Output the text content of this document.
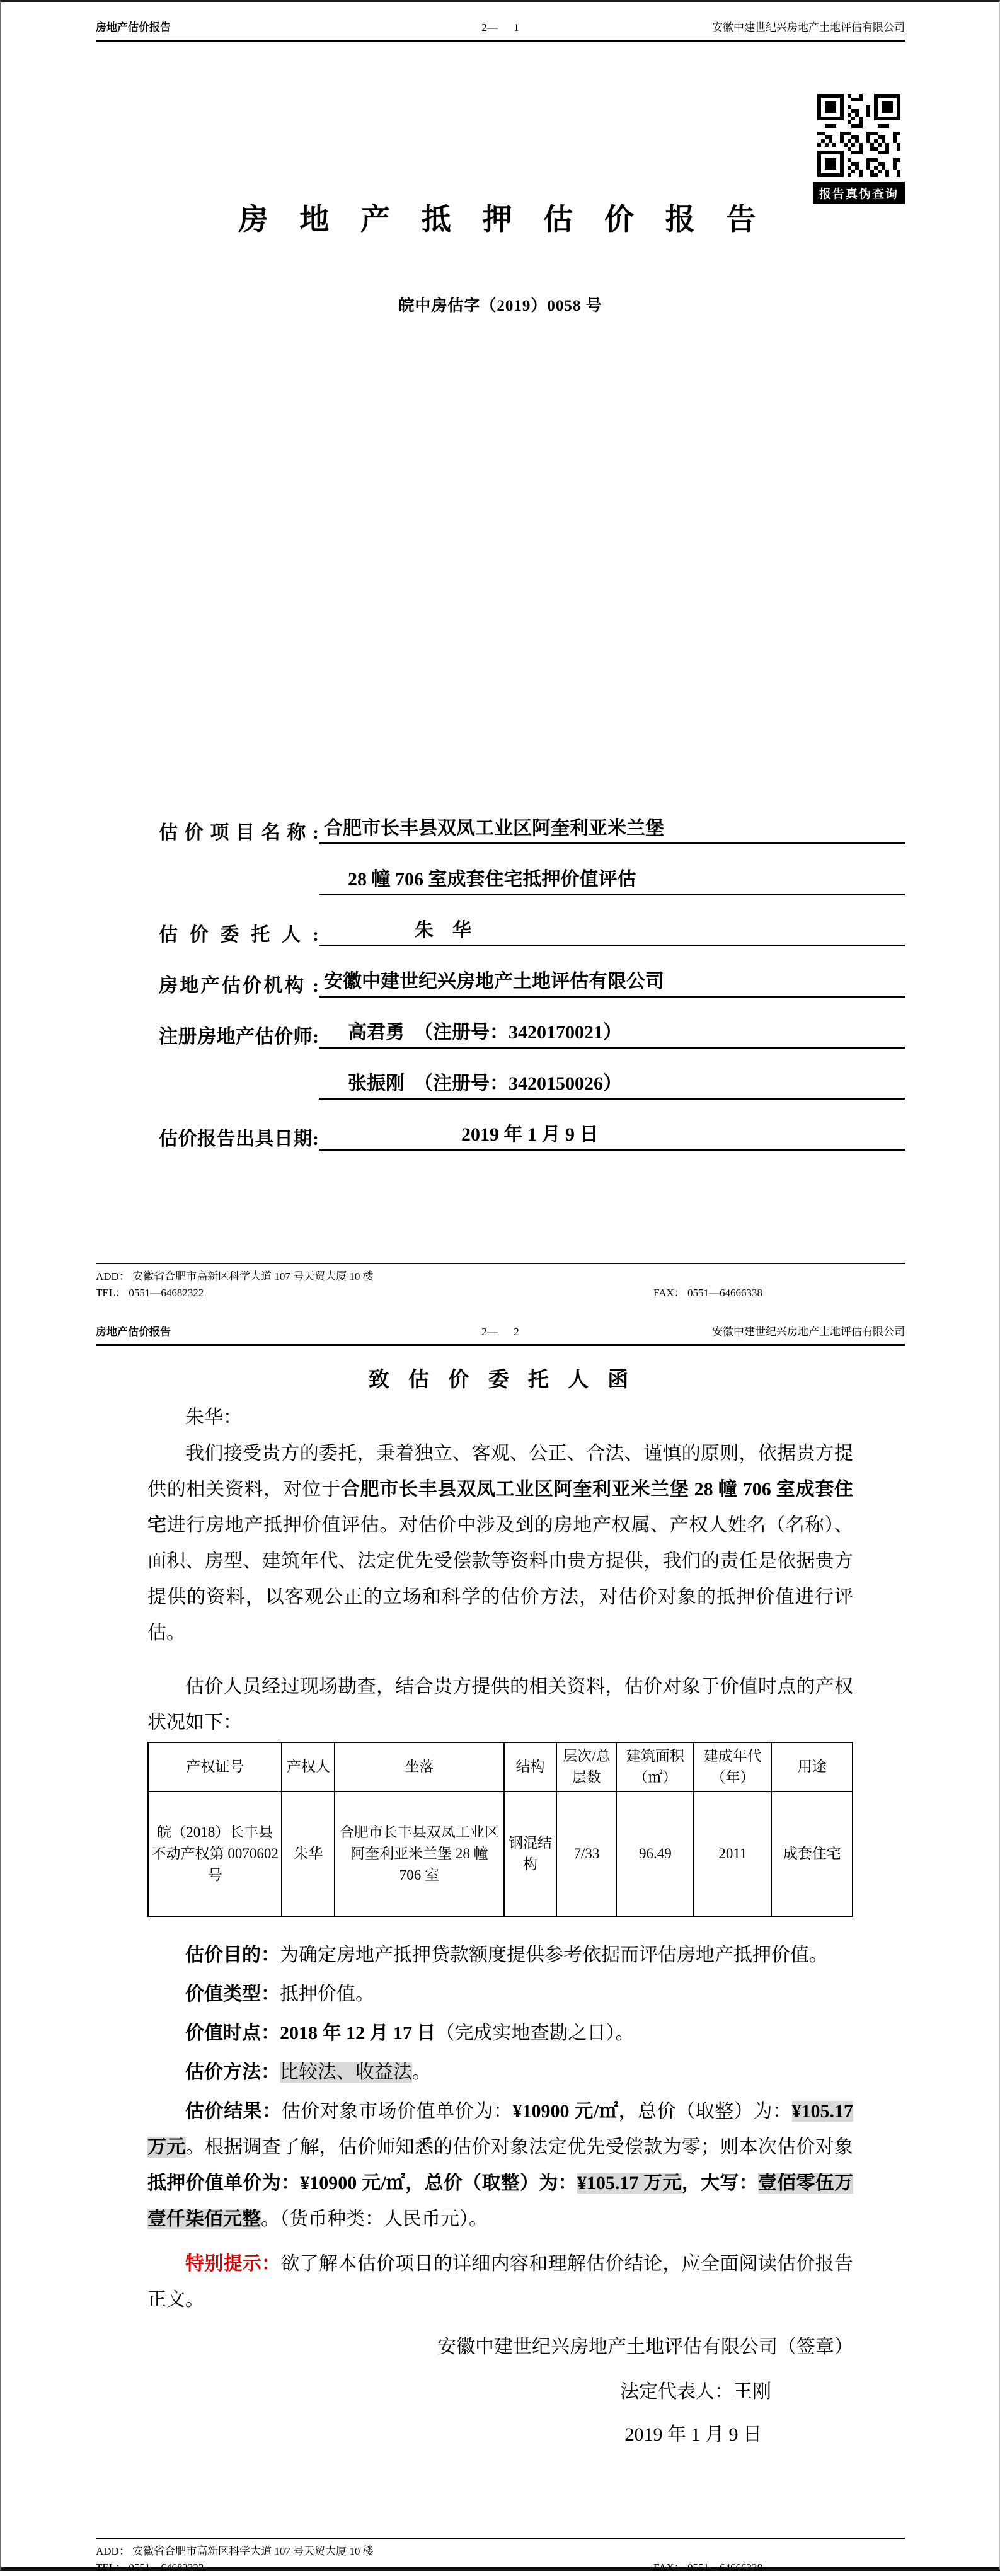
房地产估价报告	2—      1	安徽中建世纪兴房地产土地评估有限公司
报告真伪查询
房 地 产 抵 押 估 价 报 告
皖中房估字（2019）0058 号
估 价 项 目 名 称 : 合肥市长丰县双凤工业区阿奎利亚米兰堡
28 幢 706 室成套住宅抵押价值评估
估 价 委 托 人 :	朱　华
房地产估价机构 : 安徽中建世纪兴房地产土地评估有限公司
注册房地产估价师:	高君勇　（注册号：3420170021）
张振刚　（注册号：3420150026）
估价报告出具日期:	2019 年 1 月 9 日
ADD： 安徽省合肥市高新区科学大道 107 号天贸大厦 10 楼
TEL： 0551—64682322	FAX： 0551—64666338
房地产估价报告	2—      2	安徽中建世纪兴房地产土地评估有限公司
致 估 价 委 托 人 函

朱华：

我们接受贵方的委托，秉着独立、客观、公正、合法、谨慎的原则，依据贵方提供的相关资料，对位于合肥市长丰县双凤工业区阿奎利亚米兰堡 28 幢 706 室成套住宅进行房地产抵押价值评估。对估价中涉及到的房地产权属、产权人姓名（名称）、面积、房型、建筑年代、法定优先受偿款等资料由贵方提供，我们的责任是依据贵方提供的资料，以客观公正的立场和科学的估价方法，对估价对象的抵押价值进行评估。

估价人员经过现场勘查，结合贵方提供的相关资料，估价对象于价值时点的产权状况如下：

产权证号	产权人	坐落	结构	层次/总层数	建筑面积（㎡）	建成年代（年）	用途
皖（2018）长丰县不动产权第 0070602 号	朱华	合肥市长丰县双凤工业区阿奎利亚米兰堡 28 幢 706 室	钢混结构	7/33	96.49	2011	成套住宅

估价目的：为确定房地产抵押贷款额度提供参考依据而评估房地产抵押价值。

价值类型：抵押价值。

价值时点：2018 年 12 月 17 日（完成实地查勘之日）。

估价方法：比较法、收益法。

估价结果：估价对象市场价值单价为：¥10900 元/㎡，总价（取整）为：¥105.17 万元。根据调查了解，估价师知悉的估价对象法定优先受偿款为零；则本次估价对象抵押价值单价为：¥10900 元/㎡，总价（取整）为：¥105.17 万元，大写：壹佰零伍万壹仟柒佰元整。（货币种类：人民币元）。

特别提示：欲了解本估价项目的详细内容和理解估价结论，应全面阅读估价报告正文。

安徽中建世纪兴房地产土地评估有限公司（签章）
法定代表人：王刚
2019 年 1 月 9 日
ADD： 安徽省合肥市高新区科学大道 107 号天贸大厦 10 楼
TEL： 0551—64682322	FAX： 0551—64666338
